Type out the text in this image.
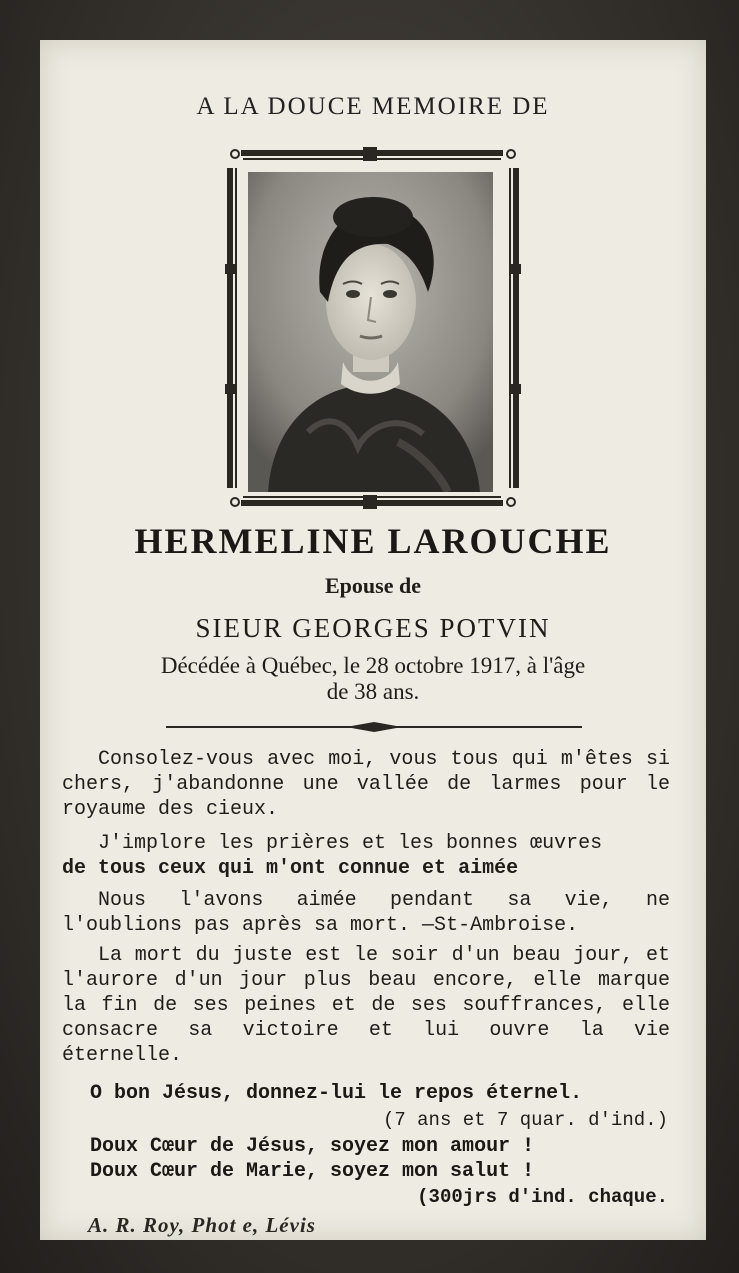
A LA DOUCE MEMOIRE DE
HERMELINE LAROUCHE
Epouse de
SIEUR GEORGES POTVIN
Décédée à Québec, le 28 octobre 1917, à l'âge
de 38 ans.
Consolez-vous avec moi, vous tous qui m'êtes si chers, j'abandonne une vallée de larmes pour le royaume des cieux.
J'implore les prières et les bonnes œuvres
de tous ceux qui m'ont connue et aimée
Nous l'avons aimée pendant sa vie, ne l'oublions pas après sa mort. —St-Ambroise.
La mort du juste est le soir d'un beau jour, et l'aurore d'un jour plus beau encore, elle marque la fin de ses peines et de ses souffrances, elle consacre sa victoire et lui ouvre la vie éternelle.
O bon Jésus, donnez-lui le repos éternel.
(7 ans et 7 quar. d'ind.)
Doux Cœur de Jésus, soyez mon amour !
Doux Cœur de Marie, soyez mon salut !
(300jrs d'ind. chaque.
A. R. Roy, Phot e, Lévis
